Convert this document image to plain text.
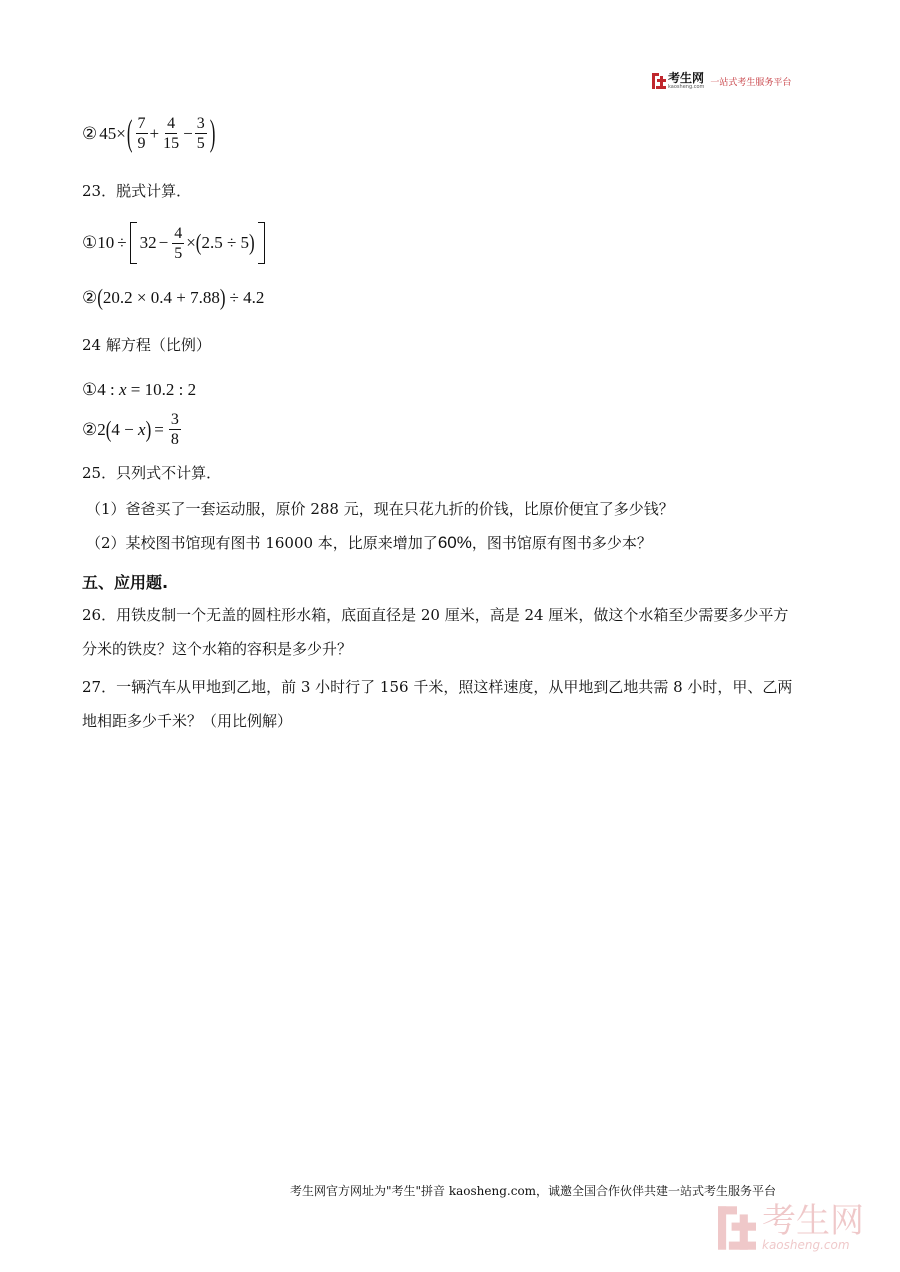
考生网
kaosheng.com 一站式考生服务平台
② 45 × ( $\frac{7}{9} + \frac{4}{15} - \frac{3}{5}$ )
23．脱式计算．
① $10 \div 32 - \frac{4}{5}$ × ( 2.5 ÷ 5 )
② ( 20.2 × 0.4 + 7.88 ) ÷ 4.2
24 解方程（比例）
① 4 : x = 10.2 : 2
② 2 ( 4 − x ) = $\frac{3}{8}$
25．只列式不计算．
（1）爸爸买了一套运动服，原价 288 元，现在只花九折的价钱，比原价便宜了多少钱？
（2）某校图书馆现有图书 16000 本，比原来增加了60%，图书馆原有图书多少本？
五、应用题.
26．用铁皮制一个无盖的圆柱形水箱，底面直径是 20 厘米，高是 24 厘米，做这个水箱至少需要多少平方
分米的铁皮？这个水箱的容积是多少升？
27．一辆汽车从甲地到乙地，前 3 小时行了 156 千米，照这样速度，从甲地到乙地共需 8 小时，甲、乙两
地相距多少千米？（用比例解）
考生网官方网址为"考生"拼音 kaosheng.com，诚邀全国合作伙伴共建一站式考生服务平台
考生网
kaosheng.com
